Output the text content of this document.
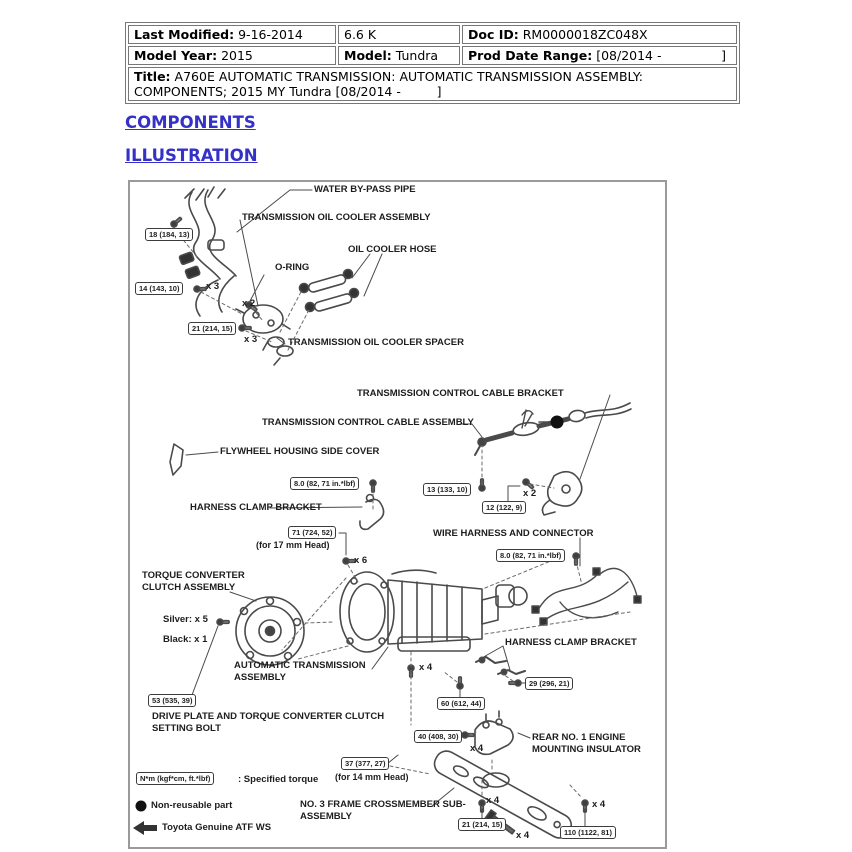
Last Modified: 9-16-2014	6.6 K	Doc ID: RM0000018ZC048X
Model Year: 2015	Model: Tundra	Prod Date Range: [08/2014 -               ]
Title: A760E AUTOMATIC TRANSMISSION: AUTOMATIC TRANSMISSION ASSEMBLY: COMPONENTS; 2015 MY Tundra [08/2014 -         ]		
COMPONENTS
ILLUSTRATION
WATER BY-PASS PIPE
TRANSMISSION OIL COOLER ASSEMBLY
OIL COOLER HOSE
O-RING
TRANSMISSION OIL COOLER SPACER
TRANSMISSION CONTROL CABLE BRACKET
TRANSMISSION CONTROL CABLE ASSEMBLY
FLYWHEEL HOUSING SIDE COVER
HARNESS CLAMP BRACKET
WIRE HARNESS AND CONNECTOR
TORQUE CONVERTER CLUTCH ASSEMBLY
AUTOMATIC TRANSMISSION ASSEMBLY
HARNESS CLAMP BRACKET
DRIVE PLATE AND TORQUE CONVERTER CLUTCH SETTING BOLT
REAR NO. 1 ENGINE MOUNTING INSULATOR
NO. 3 FRAME CROSSMEMBER SUB-ASSEMBLY
18 (184, 13)
14 (143, 10)
21 (214, 15)
8.0 (82, 71 in.*lbf)
13 (133, 10)
12 (122, 9)
71 (724, 52)
8.0 (82, 71 in.*lbf)
53 (535, 39)
29 (296, 21)
60 (612, 44)
40 (408, 30)
37 (377, 27)
21 (214, 15)
110 (1122, 81)
(for 17 mm Head)
(for 14 mm Head)
x 3
x 2
x 3
x 2
x 6
x 4
x 4
x 4
x 4
x 4
Silver: x 5
Black: x 1
N*m (kgf*cm, ft.*lbf)	: Specified torque
Non-reusable part
Toyota Genuine ATF WS
